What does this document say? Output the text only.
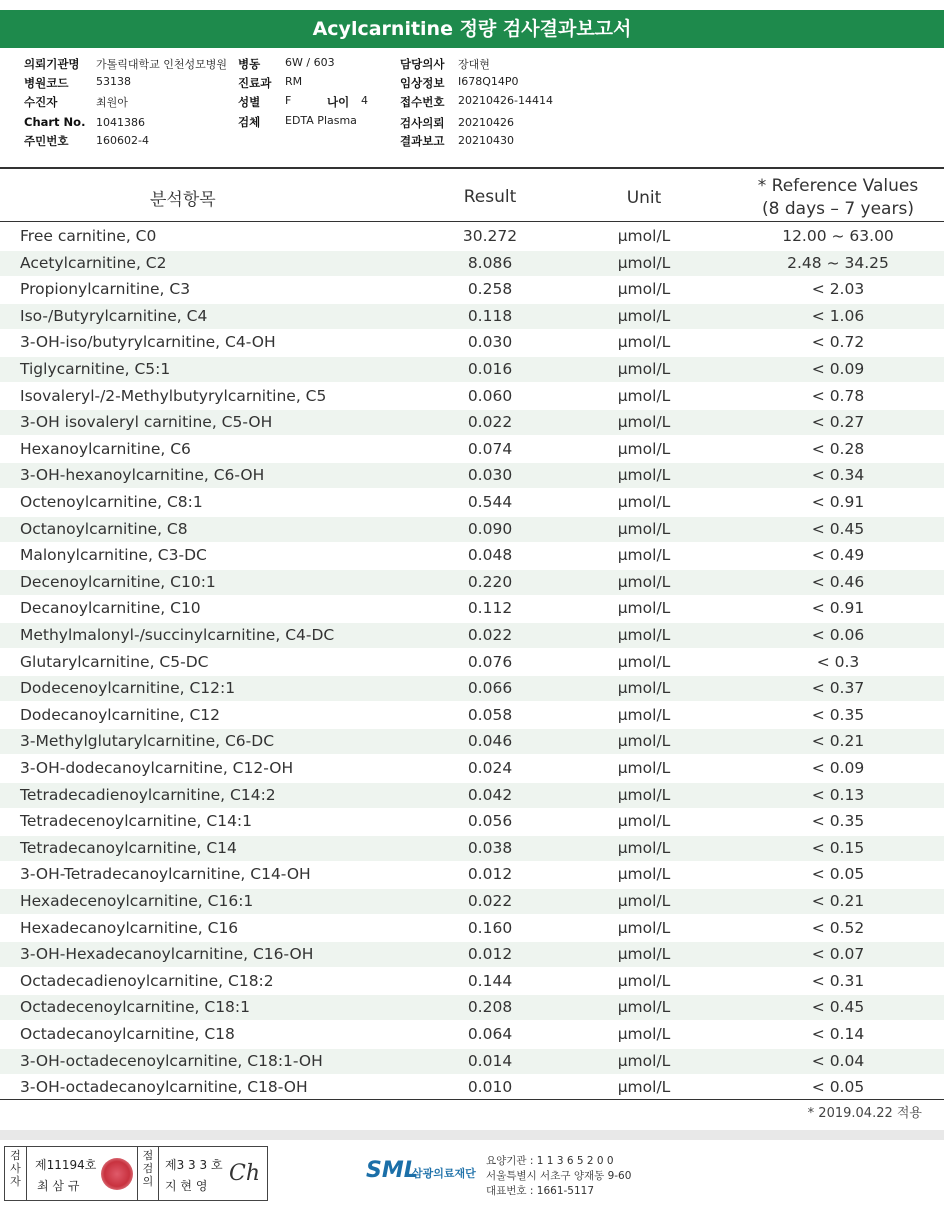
Acylcarnitine 정량 검사결과보고서
의뢰기관명 가톨릭대학교 인천성모병원 병동 6W / 603	담당의사 장대현
병원코드	53138	진료과 RM	임상정보 I678Q14P0
수진자	최원아	성별 F	나이 4	접수번호 20210426-14414
Chart No. 1041386	검체 EDTA Plasma	검사의뢰 20210426
주민번호	160602-4	결과보고 20210430
분석항목	Result	Unit
* Reference Values
(8 days – 7 years)
Free carnitine, C0	30.272	μmol/L	12.00 ~ 63.00
Acetylcarnitine, C2	8.086	μmol/L	2.48 ~ 34.25
Propionylcarnitine, C3	0.258	μmol/L	< 2.03
Iso-/Butyrylcarnitine, C4	0.118	μmol/L	< 1.06
3-OH-iso/butyrylcarnitine, C4-OH	0.030	μmol/L	< 0.72
Tiglycarnitine, C5:1	0.016	μmol/L	< 0.09
Isovaleryl-/2-Methylbutyrylcarnitine, C5	0.060	μmol/L	< 0.78
3-OH isovaleryl carnitine, C5-OH	0.022	μmol/L	< 0.27
Hexanoylcarnitine, C6	0.074	μmol/L	< 0.28
3-OH-hexanoylcarnitine, C6-OH	0.030	μmol/L	< 0.34
Octenoylcarnitine, C8:1	0.544	μmol/L	< 0.91
Octanoylcarnitine, C8	0.090	μmol/L	< 0.45
Malonylcarnitine, C3-DC	0.048	μmol/L	< 0.49
Decenoylcarnitine, C10:1	0.220	μmol/L	< 0.46
Decanoylcarnitine, C10	0.112	μmol/L	< 0.91
Methylmalonyl-/succinylcarnitine, C4-DC	0.022	μmol/L	< 0.06
Glutarylcarnitine, C5-DC	0.076	μmol/L	< 0.3
Dodecenoylcarnitine, C12:1	0.066	μmol/L	< 0.37
Dodecanoylcarnitine, C12	0.058	μmol/L	< 0.35
3-Methylglutarylcarnitine, C6-DC	0.046	μmol/L	< 0.21
3-OH-dodecanoylcarnitine, C12-OH	0.024	μmol/L	< 0.09
Tetradecadienoylcarnitine, C14:2	0.042	μmol/L	< 0.13
Tetradecenoylcarnitine, C14:1	0.056	μmol/L	< 0.35
Tetradecanoylcarnitine, C14	0.038	μmol/L	< 0.15
3-OH-Tetradecanoylcarnitine, C14-OH	0.012	μmol/L	< 0.05
Hexadecenoylcarnitine, C16:1	0.022	μmol/L	< 0.21
Hexadecanoylcarnitine, C16	0.160	μmol/L	< 0.52
3-OH-Hexadecanoylcarnitine, C16-OH	0.012	μmol/L	< 0.07
Octadecadienoylcarnitine, C18:2	0.144	μmol/L	< 0.31
Octadecenoylcarnitine, C18:1	0.208	μmol/L	< 0.45
Octadecanoylcarnitine, C18	0.064	μmol/L	< 0.14
3-OH-octadecenoylcarnitine, C18:1-OH	0.014	μmol/L	< 0.04
3-OH-octadecanoylcarnitine, C18-OH	0.010	μmol/L	< 0.05
* 2019.04.22 적용
검사자
제11194호
최 삼 규
점검의
제3 3 3 호
지 현 영 Ch	SML
삼광의료재단
요양기관 : 1 1 3 6 5 2 0 0
서울특별시 서초구 양재동 9-60
대표번호 : 1661-5117
